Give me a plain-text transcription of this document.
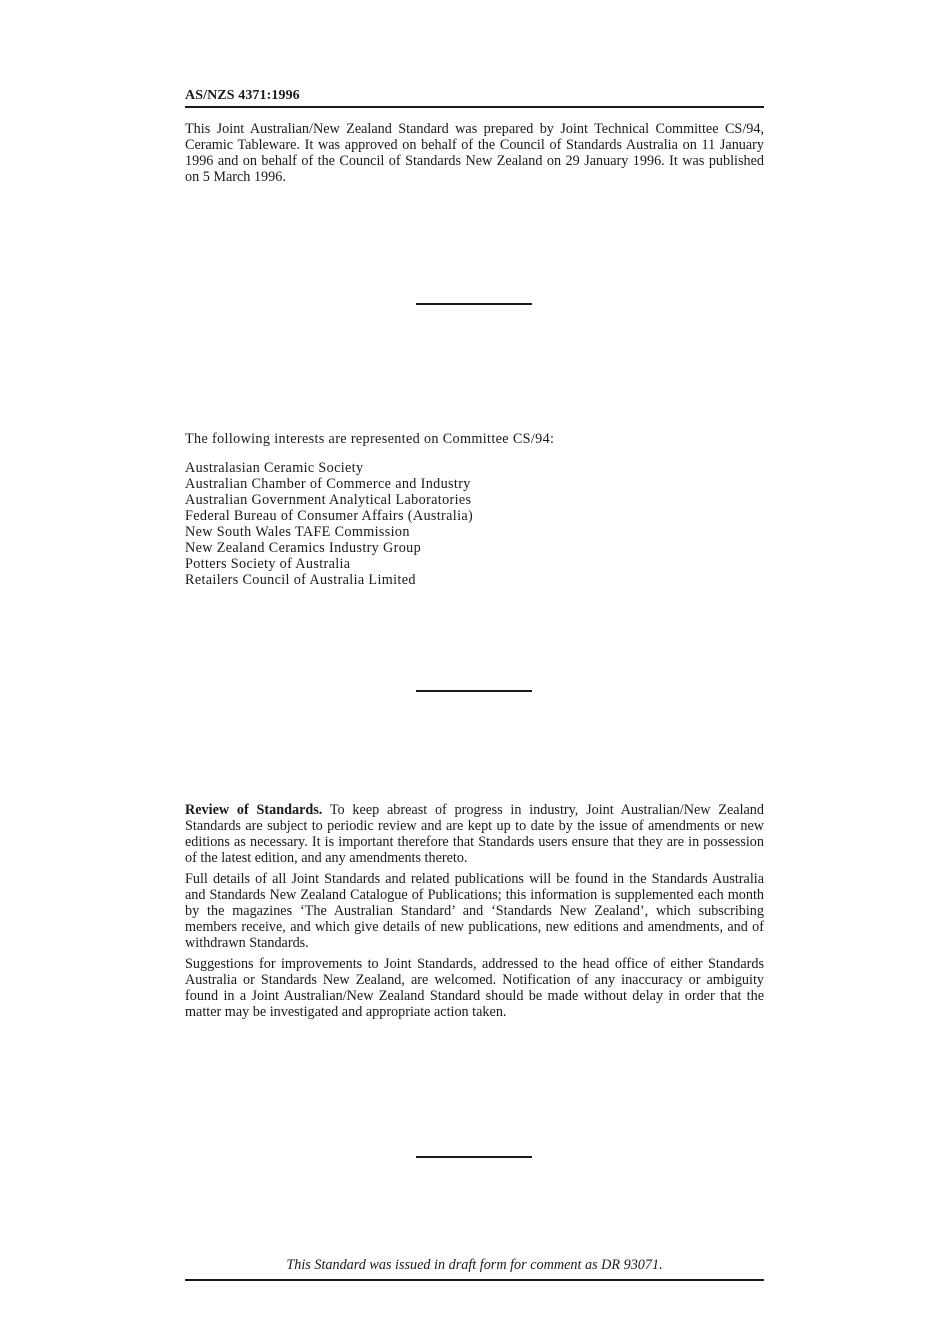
AS/NZS 4371:1996

This Joint Australian/New Zealand Standard was prepared by Joint Technical Committee CS/94, Ceramic Tableware. It was approved on behalf of the Council of Standards Australia on 11 January 1996 and on behalf of the Council of Standards New Zealand on 29 January 1996. It was published on 5 March 1996.

The following interests are represented on Committee CS/94:
Australasian Ceramic Society
Australian Chamber of Commerce and Industry
Australian Government Analytical Laboratories
Federal Bureau of Consumer Affairs (Australia)
New South Wales TAFE Commission
New Zealand Ceramics Industry Group
Potters Society of Australia
Retailers Council of Australia Limited

Review of Standards. To keep abreast of progress in industry, Joint Australian/New Zealand Standards are subject to periodic review and are kept up to date by the issue of amendments or new editions as necessary. It is important therefore that Standards users ensure that they are in possession of the latest edition, and any amendments thereto.

Full details of all Joint Standards and related publications will be found in the Standards Australia and Standards New Zealand Catalogue of Publications; this information is supplemented each month by the magazines ‘The Australian Standard’ and ‘Standards New Zealand’, which subscribing members receive, and which give details of new publications, new editions and amendments, and of withdrawn Standards.

Suggestions for improvements to Joint Standards, addressed to the head office of either Standards Australia or Standards New Zealand, are welcomed. Notification of any inaccuracy or ambiguity found in a Joint Australian/New Zealand Standard should be made without delay in order that the matter may be investigated and appropriate action taken.

This Standard was issued in draft form for comment as DR 93071.
